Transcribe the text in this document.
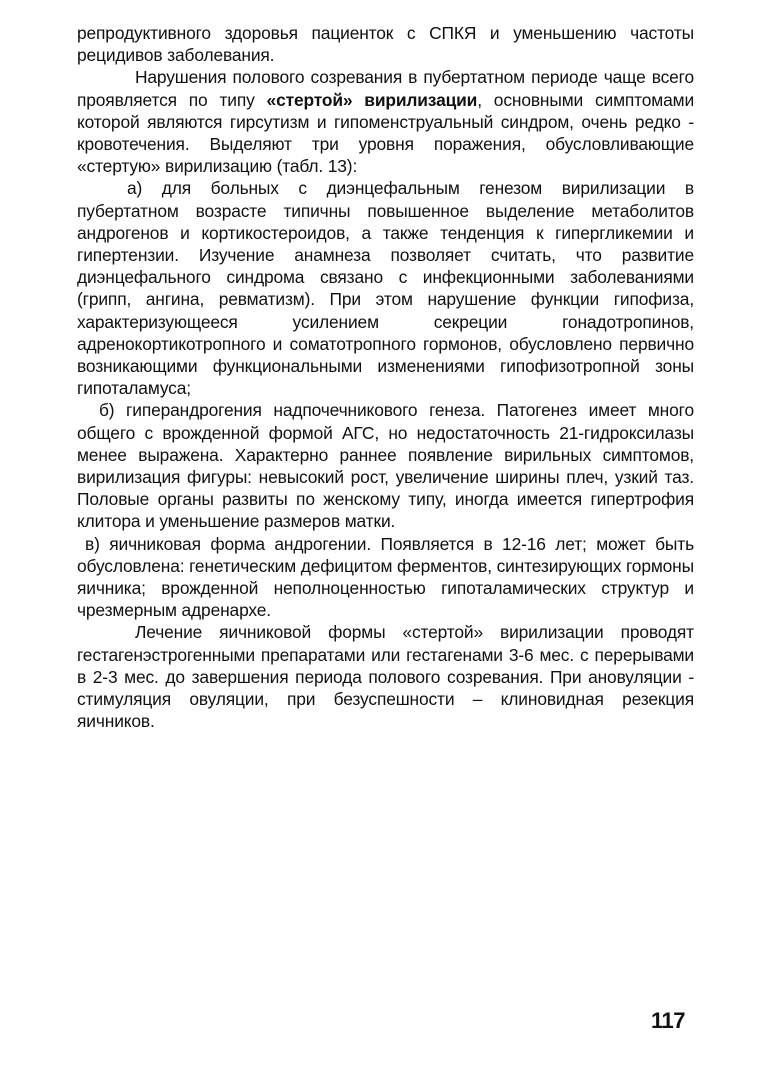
репродуктивного здоровья пациенток с СПКЯ и уменьшению частоты рецидивов заболевания.

Нарушения полового созревания в пубертатном периоде чаще всего проявляется по типу «стертой» вирилизации, основными симптомами которой являются гирсутизм и гипоменструальный синдром, очень редко - кровотечения. Выделяют три уровня поражения, обусловливающие «стертую» вирилизацию (табл. 13):

а) для больных с диэнцефальным генезом вирилизации в пубертатном возрасте типичны повышенное выделение метаболитов андрогенов и кортикостероидов, а также тенденция к гипергликемии и гипертензии. Изучение анамнеза позволяет считать, что развитие диэнцефального синдрома связано с инфекционными заболеваниями (грипп, ангина, ревматизм). При этом нарушение функции гипофиза, характеризующееся усилением секреции гонадотропинов, адренокортикотропного и соматотропного гормонов, обусловлено первично возникающими функциональными изменениями гипофизотропной зоны гипоталамуса;

б) гиперандрогения надпочечникового генеза. Патогенез имеет много общего с врожденной формой АГС, но недостаточность 21-гидроксилазы менее выражена. Характерно раннее появление вирильных симптомов, вирилизация фигуры: невысокий рост, увеличение ширины плеч, узкий таз. Половые органы развиты по женскому типу, иногда имеется гипертрофия клитора и уменьшение размеров матки.

в) яичниковая форма андрогении. Появляется в 12-16 лет; может быть обусловлена: генетическим дефицитом ферментов, синтезирующих гормоны яичника; врожденной неполноценностью гипоталамических структур и чрезмерным адренархе.

Лечение яичниковой формы «стертой» вирилизации проводят гестагенэстрогенными препаратами или гестагенами 3-6 мес. с перерывами в 2-3 мес. до завершения периода полового созревания. При ановуляции - стимуляция овуляции, при безуспешности – клиновидная резекция яичников.

117
